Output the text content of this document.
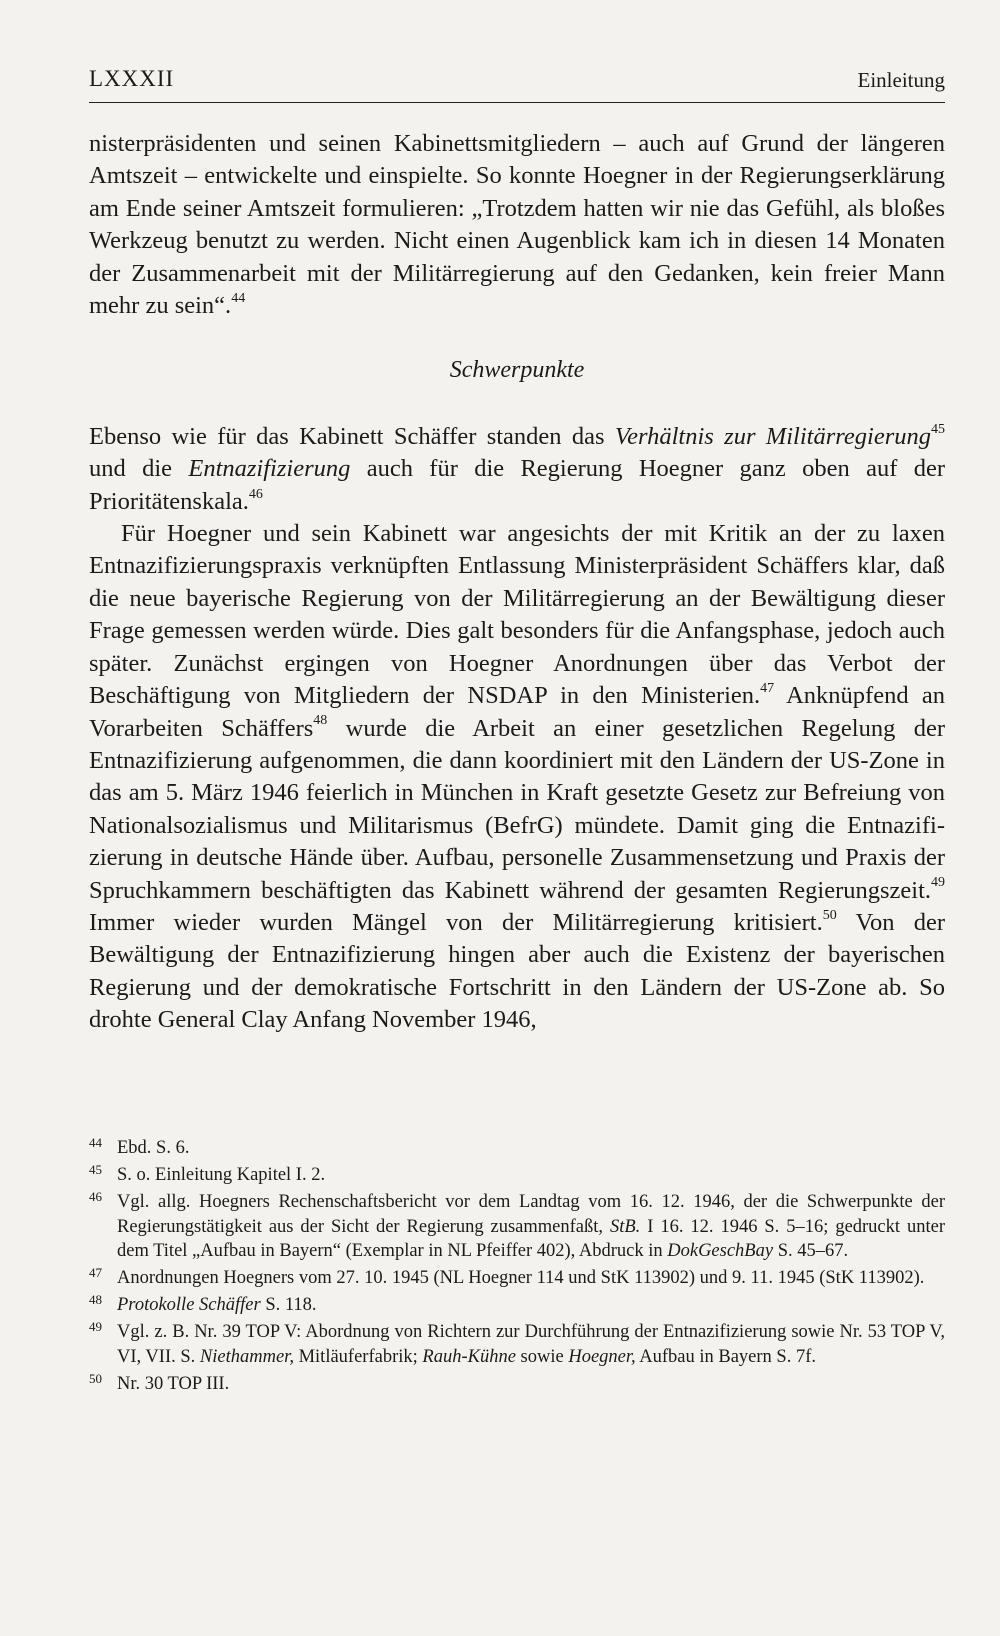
LXXXII	Einleitung

nisterpräsidenten und seinen Kabinettsmitgliedern – auch auf Grund der längeren Amtszeit – entwickelte und einspielte. So konnte Hoegner in der Regierungserklärung am Ende seiner Amtszeit formulieren: „Trotzdem hatten wir nie das Gefühl, als bloßes Werkzeug benutzt zu werden. Nicht einen Augenblick kam ich in diesen 14 Monaten der Zusammenarbeit mit der Militärregierung auf den Gedanken, kein freier Mann mehr zu sein“.$^{44}$

Schwerpunkte

Ebenso wie für das Kabinett Schäffer standen das Verhältnis zur Militärregierung$^{45}$ und die Entnazifizierung auch für die Regierung Hoegner ganz oben auf der Prioritätenskala.$^{46}$

Für Hoegner und sein Kabinett war angesichts der mit Kritik an der zu laxen Entnazifizierungspraxis verknüpften Entlassung Ministerpräsident Schäffers klar, daß die neue bayerische Regierung von der Militärregierung an der Bewältigung dieser Frage gemessen werden würde. Dies galt besonders für die Anfangsphase, jedoch auch später. Zunächst ergingen von Hoegner Anordnungen über das Verbot der Beschäftigung von Mitgliedern der NSDAP in den Ministerien.$^{47}$ Anknüpfend an Vorarbeiten Schäffers$^{48}$ wurde die Arbeit an einer gesetzlichen Regelung der Entnazifizierung aufgenommen, die dann koordiniert mit den Ländern der US-Zone in das am 5. März 1946 feierlich in München in Kraft gesetzte Gesetz zur Befreiung von Nationalsozialismus und Militarismus (BefrG) mündete. Damit ging die Entnazifizierung in deutsche Hände über. Aufbau, personelle Zusammensetzung und Praxis der Spruchkammern beschäftigten das Kabinett während der gesamten Regierungszeit.$^{49}$ Immer wieder wurden Mängel von der Militärregierung kritisiert.$^{50}$ Von der Bewältigung der Entnazifizierung hingen aber auch die Existenz der bayerischen Regierung und der demokratische Fortschritt in den Ländern der US-Zone ab. So drohte General Clay Anfang November 1946,

44 Ebd. S. 6.
45 S. o. Einleitung Kapitel I. 2.
46 Vgl. allg. Hoegners Rechenschaftsbericht vor dem Landtag vom 16. 12. 1946, der die Schwerpunkte der Regierungstätigkeit aus der Sicht der Regierung zusammenfaßt, StB. I 16. 12. 1946 S. 5–16; gedruckt unter dem Titel „Aufbau in Bayern“ (Exemplar in NL Pfeiffer 402), Abdruck in DokGeschBay S. 45–67.
47 Anordnungen Hoegners vom 27. 10. 1945 (NL Hoegner 114 und StK 113902) und 9. 11. 1945 (StK 113902).
48 Protokolle Schäffer S. 118.
49 Vgl. z. B. Nr. 39 TOP V: Abordnung von Richtern zur Durchführung der Entnazifizierung sowie Nr. 53 TOP V, VI, VII. S. Niethammer, Mitläuferfabrik; Rauh-Kühne sowie Hoegner, Aufbau in Bayern S. 7f.
50 Nr. 30 TOP III.
